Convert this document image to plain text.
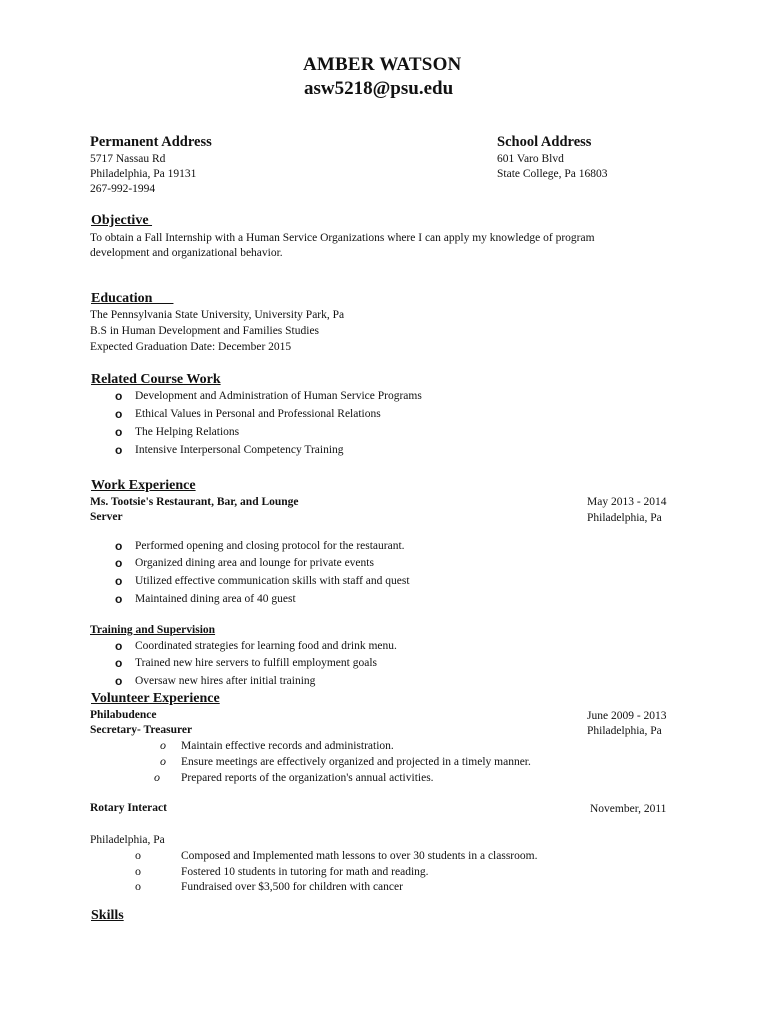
AMBER WATSON
asw5218@psu.edu
Permanent Address
5717 Nassau Rd
Philadelphia, Pa 19131
267-992-1994
School Address
601 Varo Blvd
State College, Pa 16803
Objective
To obtain a Fall Internship with a Human Service Organizations where I can apply my knowledge of program
development and organizational behavior.
Education
The Pennsylvania State University, University Park, Pa
B.S in Human Development and Families Studies
Expected Graduation Date: December 2015
Related Course Work
o Development and Administration of Human Service Programs
o Ethical Values in Personal and Professional Relations
o The Helping Relations
o Intensive Interpersonal Competency Training
Work Experience
Ms. Tootsie's Restaurant, Bar, and Lounge	May 2013 - 2014
Server	Philadelphia, Pa
o Performed opening and closing protocol for the restaurant.
o Organized dining area and lounge for private events
o Utilized effective communication skills with staff and quest
o Maintained dining area of 40 guest
Training and Supervision
o Coordinated strategies for learning food and drink menu.
o Trained new hire servers to fulfill employment goals
o Oversaw new hires after initial training
Volunteer Experience
Philabudence	June 2009 - 2013
Secretary- Treasurer	Philadelphia, Pa
o Maintain effective records and administration.
o Ensure meetings are effectively organized and projected in a timely manner.
o Prepared reports of the organization's annual activities.
Rotary Interact	November, 2011
Philadelphia, Pa
o	Composed and Implemented math lessons to over 30 students in a classroom.
o	Fostered 10 students in tutoring for math and reading.
o	Fundraised over $3,500 for children with cancer
Skills
